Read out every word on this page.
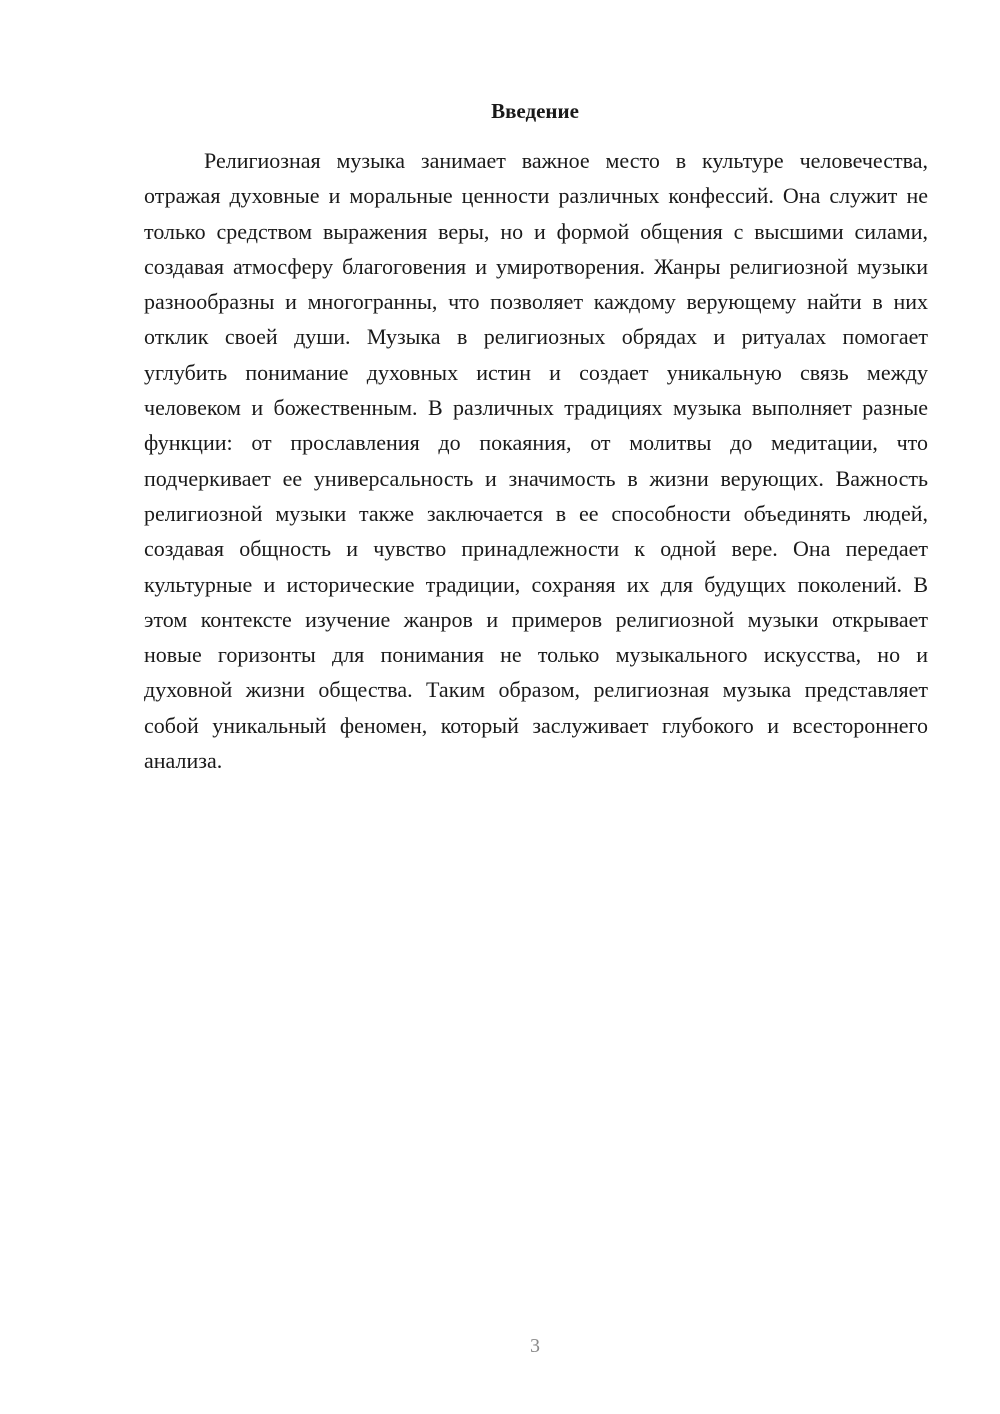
Введение

Религиозная музыка занимает важное место в культуре человечества, отражая духовные и моральные ценности различных конфессий. Она служит не только средством выражения веры, но и формой общения с высшими силами, создавая атмосферу благоговения и умиротворения. Жанры религиозной музыки разнообразны и многогранны, что позволяет каждому верующему найти в них отклик своей души. Музыка в религиозных обрядах и ритуалах помогает углубить понимание духовных истин и создает уникальную связь между человеком и божественным. В различных традициях музыка выполняет разные функции: от прославления до покаяния, от молитвы до медитации, что подчеркивает ее универсальность и значимость в жизни верующих. Важность религиозной музыки также заключается в ее способности объединять людей, создавая общность и чувство принадлежности к одной вере. Она передает культурные и исторические традиции, сохраняя их для будущих поколений. В этом контексте изучение жанров и примеров религиозной музыки открывает новые горизонты для понимания не только музыкального искусства, но и духовной жизни общества. Таким образом, религиозная музыка представляет собой уникальный феномен, который заслуживает глубокого и всестороннего анализа.

3
